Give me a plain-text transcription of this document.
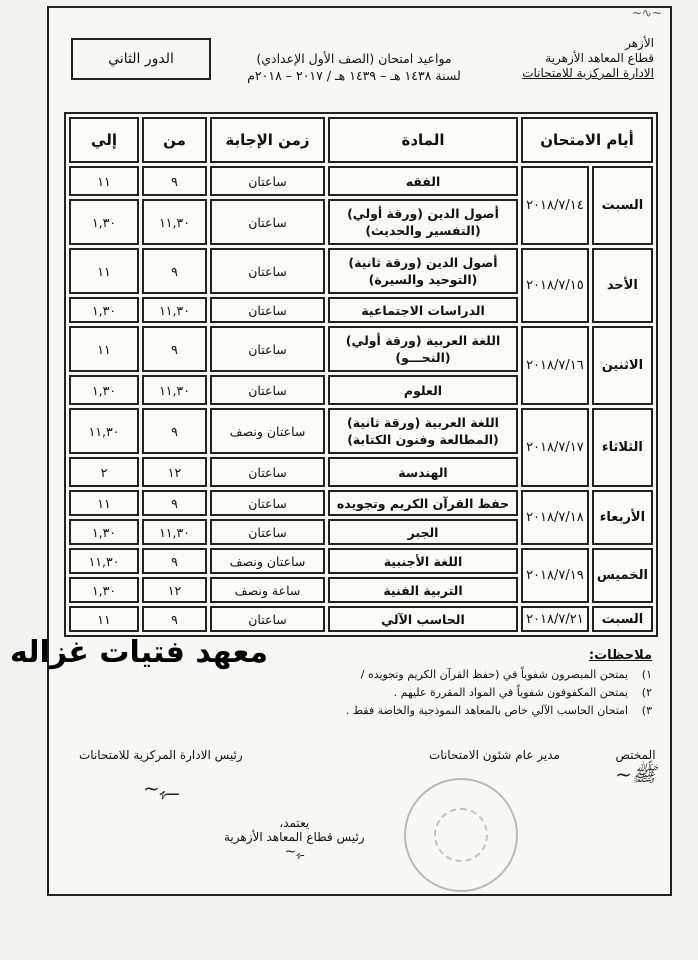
~∿~
الأزهر
قطاع المعاهد الأزهرية
الادارة المركزية للامتحانات
مواعيد امتحان (الصف الأول الإعدادي)
لسنة ١٤٣٨ هـ – ١٤٣٩ هـ / ٢٠١٧ – ٢٠١٨م
الدور الثاني
أيام الامتحان		المادة	زمن الإجابة	من	إلي
السبت	٢٠١٨/٧/١٤	الفقه	ساعتان	٩	١١
		أصول الدين (ورقة أولي) (التفسير والحديث)	ساعتان	١١,٣٠	١,٣٠
الأحد	٢٠١٨/٧/١٥	أصول الدين (ورقة ثانية) (التوحيد والسيرة)	ساعتان	٩	١١
		الدراسات الاجتماعية	ساعتان	١١,٣٠	١,٣٠
الاثنين	٢٠١٨/٧/١٦	اللغة العربية (ورقة أولي) (النحـــو)	ساعتان	٩	١١
		العلوم	ساعتان	١١,٣٠	١,٣٠
الثلاثاء	٢٠١٨/٧/١٧	اللغة العربية (ورقة ثانية) (المطالعة وفنون الكتابة)	ساعتان ونصف	٩	١١,٣٠
		الهندسة	ساعتان	١٢	٢
الأربعاء	٢٠١٨/٧/١٨	حفظ القرآن الكريم وتجويده	ساعتان	٩	١١
		الجبر	ساعتان	١١,٣٠	١,٣٠
الخميس	٢٠١٨/٧/١٩	اللغة الأجنبية	ساعتان ونصف	٩	١١,٣٠
		التربية الفنية	ساعة ونصف	١٢	١,٣٠
السبت	٢٠١٨/٧/٢١	الحاسب الآلي	ساعتان	٩	١١
ملاحظات:
١)يمتحن المبصرون شفوياً في (حفظ القرآن الكريم وتجويده /
٢)يمتحن المكفوفون شفوياً في المواد المقررة عليهم .
٣)امتحان الحاسب الآلي خاص بالمعاهد النموذجية والخاصة فقط .
المختص
ﷺ~
مدير عام شئون الامتحانات
رئيس الادارة المركزية للامتحانات
ـــﮩ~
يعتمد،
رئيس قطاع المعاهد الأزهرية
ـﮩ~
معهد فتيات غزاله
